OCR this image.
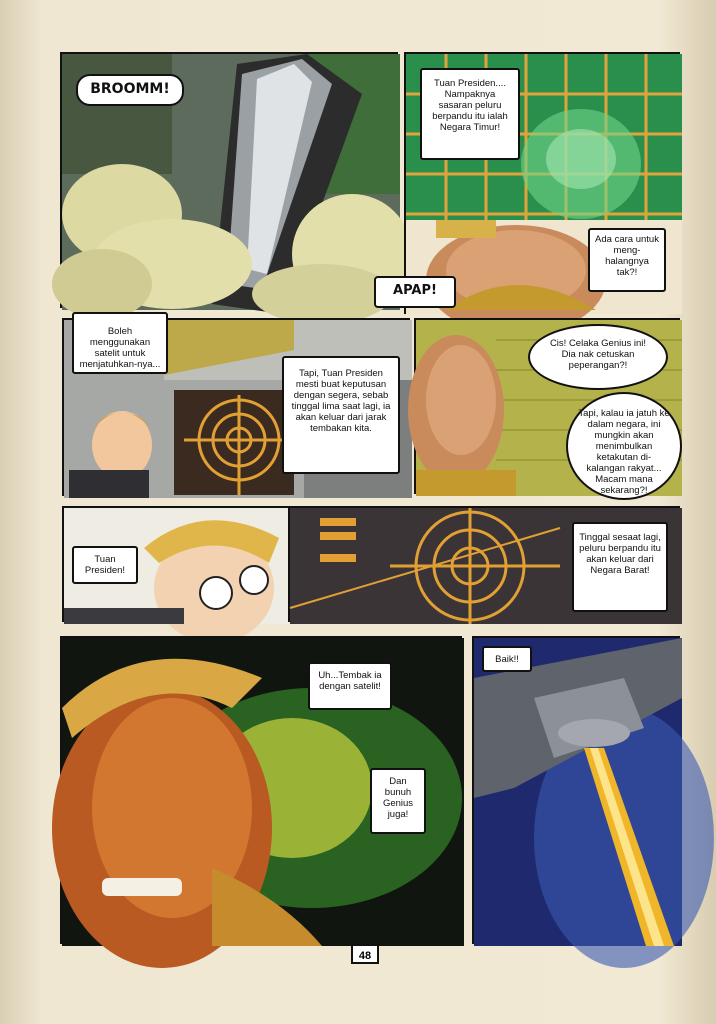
BROOMM!	Tuan Presiden.... Nampaknya sasaran peluru berpandu itu ialah Negara Timur!
APAP!
Ada cara untuk meng-halangnya tak?!
Boleh menggunakan satelit untuk menjatuhkan-nya...
Tapi, Tuan Presiden mesti buat keputusan dengan segera, sebab tinggal lima saat lagi, ia akan keluar dari jarak tembakan kita.
Cis! Celaka Genius ini! Dia nak cetuskan peperangan?!
Tapi, kalau ia jatuh ke dalam negara, ini mungkin akan menimbulkan ketakutan di-kalangan rakyat... Macam mana sekarang?!
Tuan Presiden!
Tinggal sesaat lagi, peluru berpandu itu akan keluar dari Negara Barat!
Uh...Tembak ia dengan satelit!
Dan bunuh Genius juga!
Baik!!
48
